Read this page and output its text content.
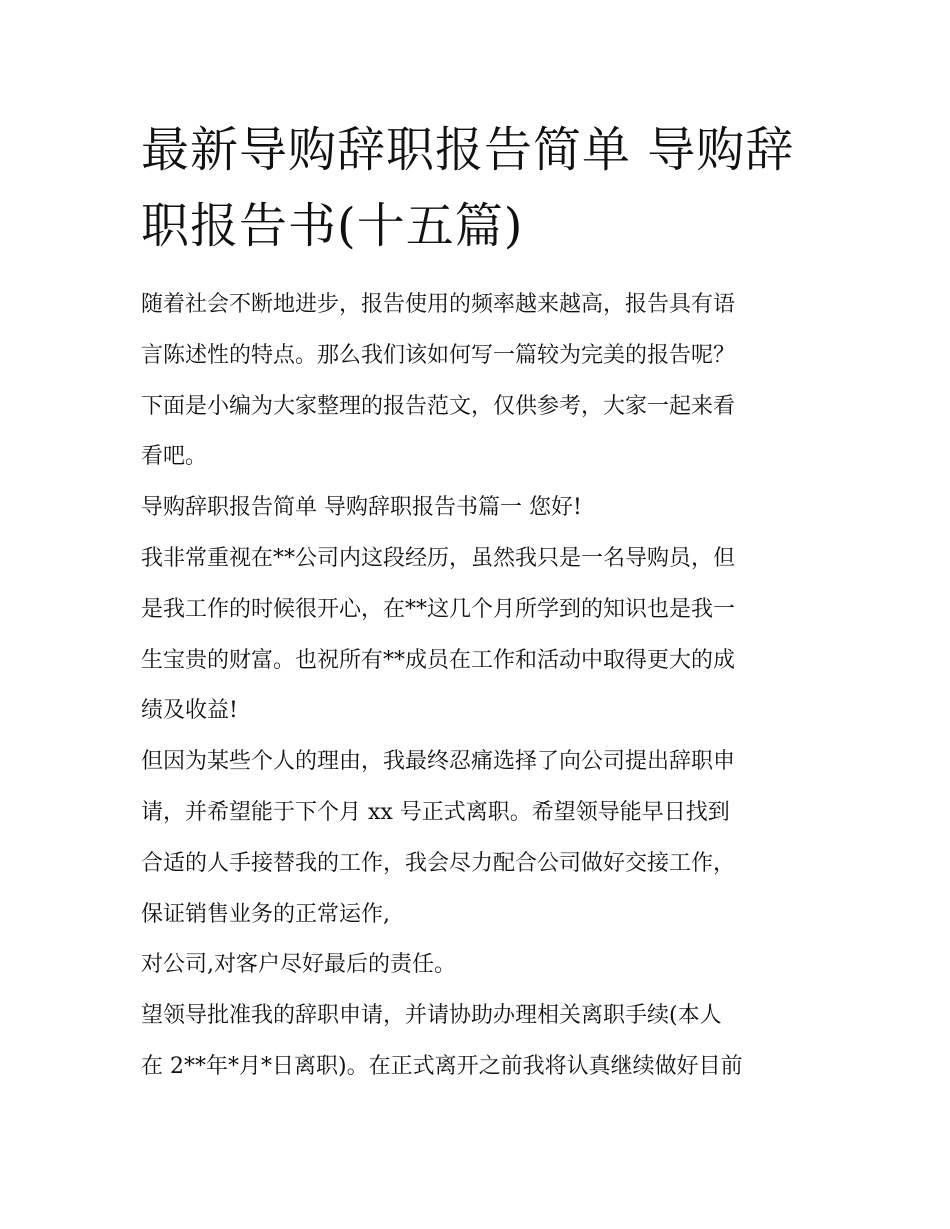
最新导购辞职报告简单 导购辞
职报告书(十五篇)

随着社会不断地进步，报告使用的频率越来越高，报告具有语
言陈述性的特点。那么我们该如何写一篇较为完美的报告呢？
下面是小编为大家整理的报告范文，仅供参考，大家一起来看
看吧。

导购辞职报告简单 导购辞职报告书篇一 您好!

我非常重视在**公司内这段经历，虽然我只是一名导购员，但
是我工作的时候很开心，在**这几个月所学到的知识也是我一
生宝贵的财富。也祝所有**成员在工作和活动中取得更大的成
绩及收益!

但因为某些个人的理由，我最终忍痛选择了向公司提出辞职申
请，并希望能于下个月 xx 号正式离职。希望领导能早日找到
合适的人手接替我的工作，我会尽力配合公司做好交接工作，
保证销售业务的正常运作,

对公司,对客户尽好最后的责任。

望领导批准我的辞职申请，并请协助办理相关离职手续(本人
在 2**年*月*日离职)。在正式离开之前我将认真继续做好目前
